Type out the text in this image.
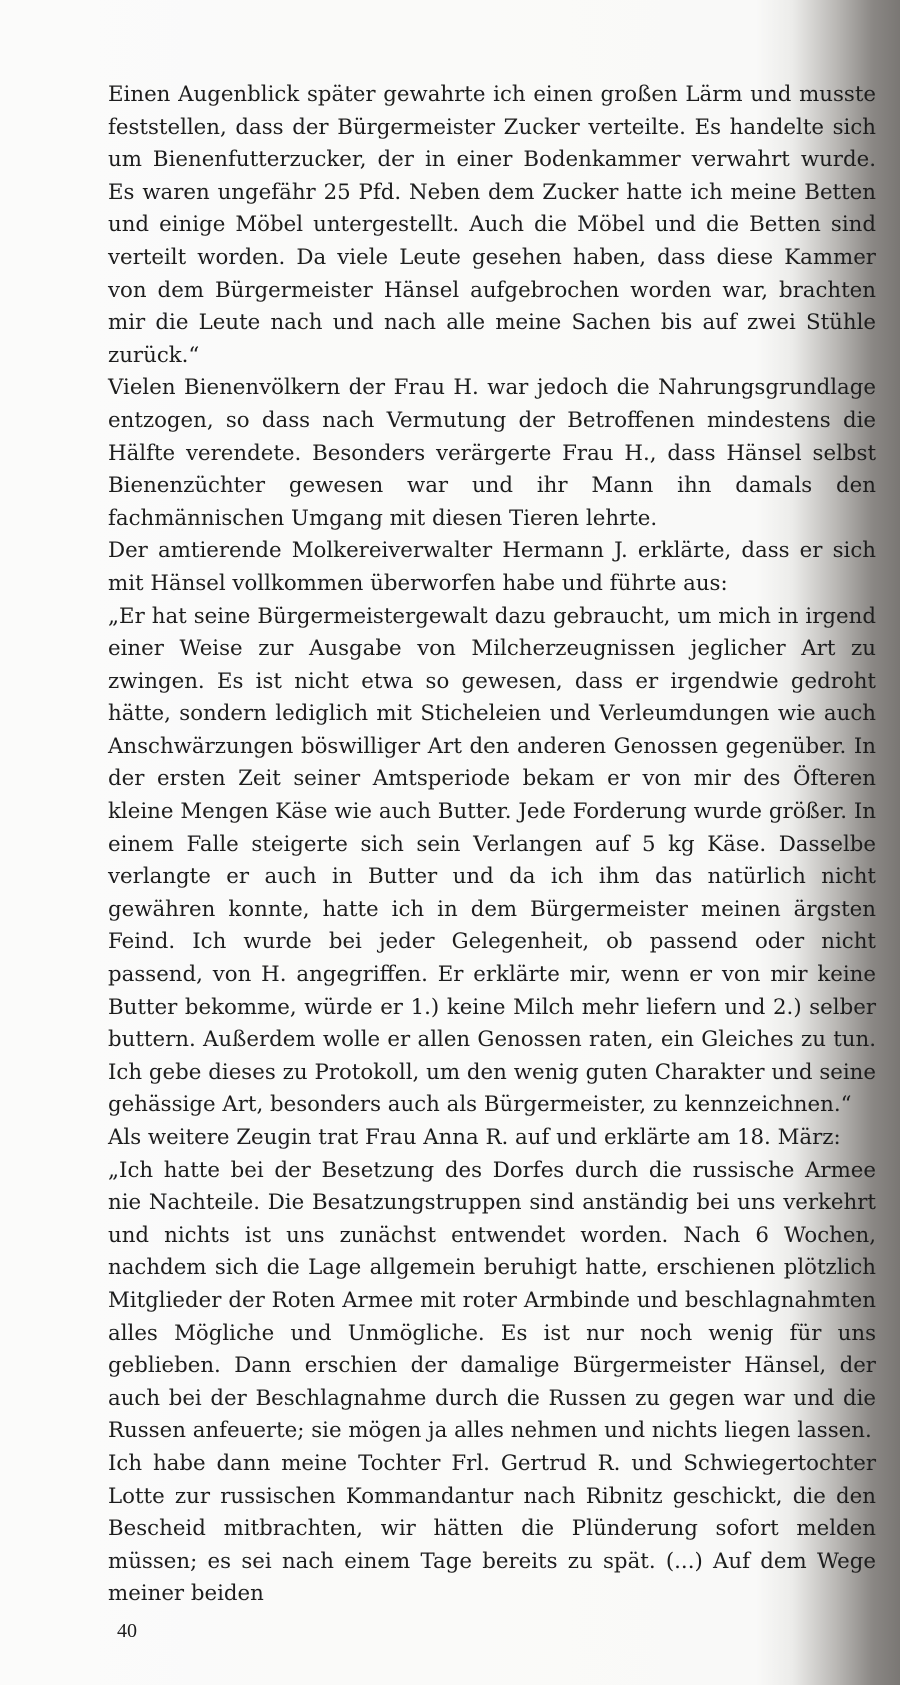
Einen Augenblick später gewahrte ich einen großen Lärm und musste feststellen, dass der Bürgermeister Zucker verteilte. Es handelte sich um Bienenfutterzucker, der in einer Bodenkammer verwahrt wurde. Es waren ungefähr 25 Pfd. Neben dem Zucker hatte ich meine Betten und einige Möbel untergestellt. Auch die Möbel und die Betten sind verteilt worden. Da viele Leute gesehen haben, dass diese Kammer von dem Bürgermeister Hänsel aufgebrochen worden war, brachten mir die Leute nach und nach alle meine Sachen bis auf zwei Stühle zurück.“

Vielen Bienenvölkern der Frau H. war jedoch die Nahrungsgrundlage entzogen, so dass nach Vermutung der Betroffenen mindestens die Hälfte verendete. Besonders verärgerte Frau H., dass Hänsel selbst Bienenzüchter gewesen war und ihr Mann ihn damals den fachmännischen Umgang mit diesen Tieren lehrte.

Der amtierende Molkereiverwalter Hermann J. erklärte, dass er sich mit Hänsel vollkommen überworfen habe und führte aus:

„Er hat seine Bürgermeistergewalt dazu gebraucht, um mich in irgend einer Weise zur Ausgabe von Milcherzeugnissen jeglicher Art zu zwingen. Es ist nicht etwa so gewesen, dass er irgendwie gedroht hätte, sondern lediglich mit Sticheleien und Verleumdungen wie auch Anschwärzungen böswilliger Art den anderen Genossen gegenüber. In der ersten Zeit seiner Amtsperiode bekam er von mir des Öfteren kleine Mengen Käse wie auch Butter. Jede Forderung wurde größer. In einem Falle steigerte sich sein Verlangen auf 5 kg Käse. Dasselbe verlangte er auch in Butter und da ich ihm das natürlich nicht gewähren konnte, hatte ich in dem Bürgermeister meinen ärgsten Feind. Ich wurde bei jeder Gelegenheit, ob passend oder nicht passend, von H. angegriffen. Er erklärte mir, wenn er von mir keine Butter bekomme, würde er 1.) keine Milch mehr liefern und 2.) selber buttern. Außerdem wolle er allen Genossen raten, ein Gleiches zu tun. Ich gebe dieses zu Protokoll, um den wenig guten Charakter und seine gehässige Art, besonders auch als Bürgermeister, zu kennzeichnen.“

Als weitere Zeugin trat Frau Anna R. auf und erklärte am 18. März:

„Ich hatte bei der Besetzung des Dorfes durch die russische Armee nie Nachteile. Die Besatzungstruppen sind anständig bei uns verkehrt und nichts ist uns zunächst entwendet worden. Nach 6 Wochen, nachdem sich die Lage allgemein beruhigt hatte, erschienen plötzlich Mitglieder der Roten Armee mit roter Armbinde und beschlagnahmten alles Mögliche und Unmögliche. Es ist nur noch wenig für uns geblieben. Dann erschien der damalige Bürgermeister Hänsel, der auch bei der Beschlagnahme durch die Russen zu gegen war und die Russen anfeuerte; sie mögen ja alles nehmen und nichts liegen lassen.

Ich habe dann meine Tochter Frl. Gertrud R. und Schwiegertochter Lotte zur russischen Kommandantur nach Ribnitz geschickt, die den Bescheid mitbrachten, wir hätten die Plünderung sofort melden müssen; es sei nach einem Tage bereits zu spät. (...) Auf dem Wege meiner beiden

40
